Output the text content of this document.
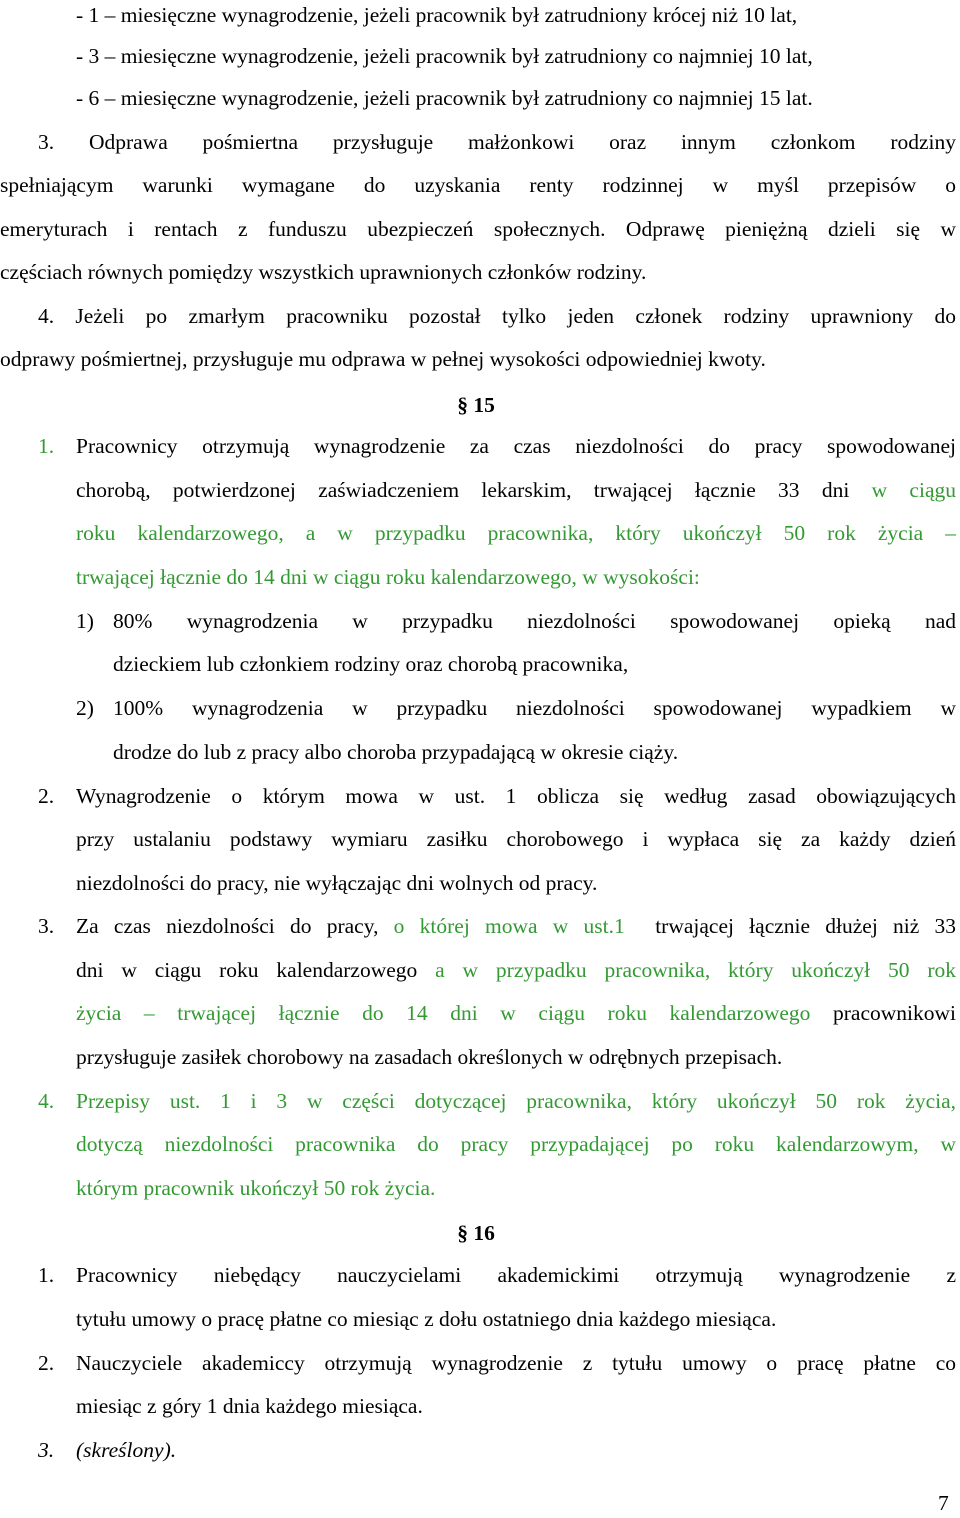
- 1 – miesięczne wynagrodzenie, jeżeli pracownik był zatrudniony krócej niż 10 lat,
- 3 – miesięczne wynagrodzenie, jeżeli pracownik był zatrudniony co najmniej 10 lat,
- 6 – miesięczne wynagrodzenie, jeżeli pracownik był zatrudniony co najmniej 15 lat.
3. Odprawa pośmiertna przysługuje małżonkowi oraz innym członkom rodziny
spełniającym warunki wymagane do uzyskania renty rodzinnej w myśl przepisów o
emeryturach i rentach z funduszu ubezpieczeń społecznych. Odprawę pieniężną dzieli się w
częściach równych pomiędzy wszystkich uprawnionych członków rodziny.
4. Jeżeli po zmarłym pracowniku pozostał tylko jeden członek rodziny uprawniony do
odprawy pośmiertnej, przysługuje mu odprawa w pełnej wysokości odpowiedniej kwoty.
§ 15
1.	Pracownicy otrzymują wynagrodzenie za czas niezdolności do pracy spowodowanej
chorobą, potwierdzonej zaświadczeniem lekarskim, trwającej łącznie 33 dni w ciągu
roku kalendarzowego, a w przypadku pracownika, który ukończył 50 rok życia –
trwającej łącznie do 14 dni w ciągu roku kalendarzowego, w wysokości:
1) 80% wynagrodzenia w przypadku niezdolności spowodowanej opieką nad
dzieckiem lub członkiem rodziny oraz chorobą pracownika,
2) 100% wynagrodzenia w przypadku niezdolności spowodowanej wypadkiem w
drodze do lub z pracy albo choroba przypadającą w okresie ciąży.
2.	Wynagrodzenie o którym mowa w ust. 1 oblicza się według zasad obowiązujących
przy ustalaniu podstawy wymiaru zasiłku chorobowego i wypłaca się za każdy dzień
niezdolności do pracy, nie wyłączając dni wolnych od pracy.
3.	Za czas niezdolności do pracy, o której mowa w ust.1  trwającej łącznie dłużej niż 33
dni w ciągu roku kalendarzowego a w przypadku pracownika, który ukończył 50 rok
życia – trwającej łącznie do 14 dni w ciągu roku kalendarzowego pracownikowi
przysługuje zasiłek chorobowy na zasadach określonych w odrębnych przepisach.
4.	Przepisy ust. 1 i 3 w części dotyczącej pracownika, który ukończył 50 rok życia,
dotyczą niezdolności pracownika do pracy przypadającej po roku kalendarzowym, w
którym pracownik ukończył 50 rok życia.
§ 16
1.	Pracownicy niebędący nauczycielami akademickimi otrzymują wynagrodzenie z
tytułu umowy o pracę płatne co miesiąc z dołu ostatniego dnia każdego miesiąca.
2.	Nauczyciele akademiccy otrzymują wynagrodzenie z tytułu umowy o pracę płatne co
miesiąc z góry 1 dnia każdego miesiąca.
3.	(skreślony).
7
